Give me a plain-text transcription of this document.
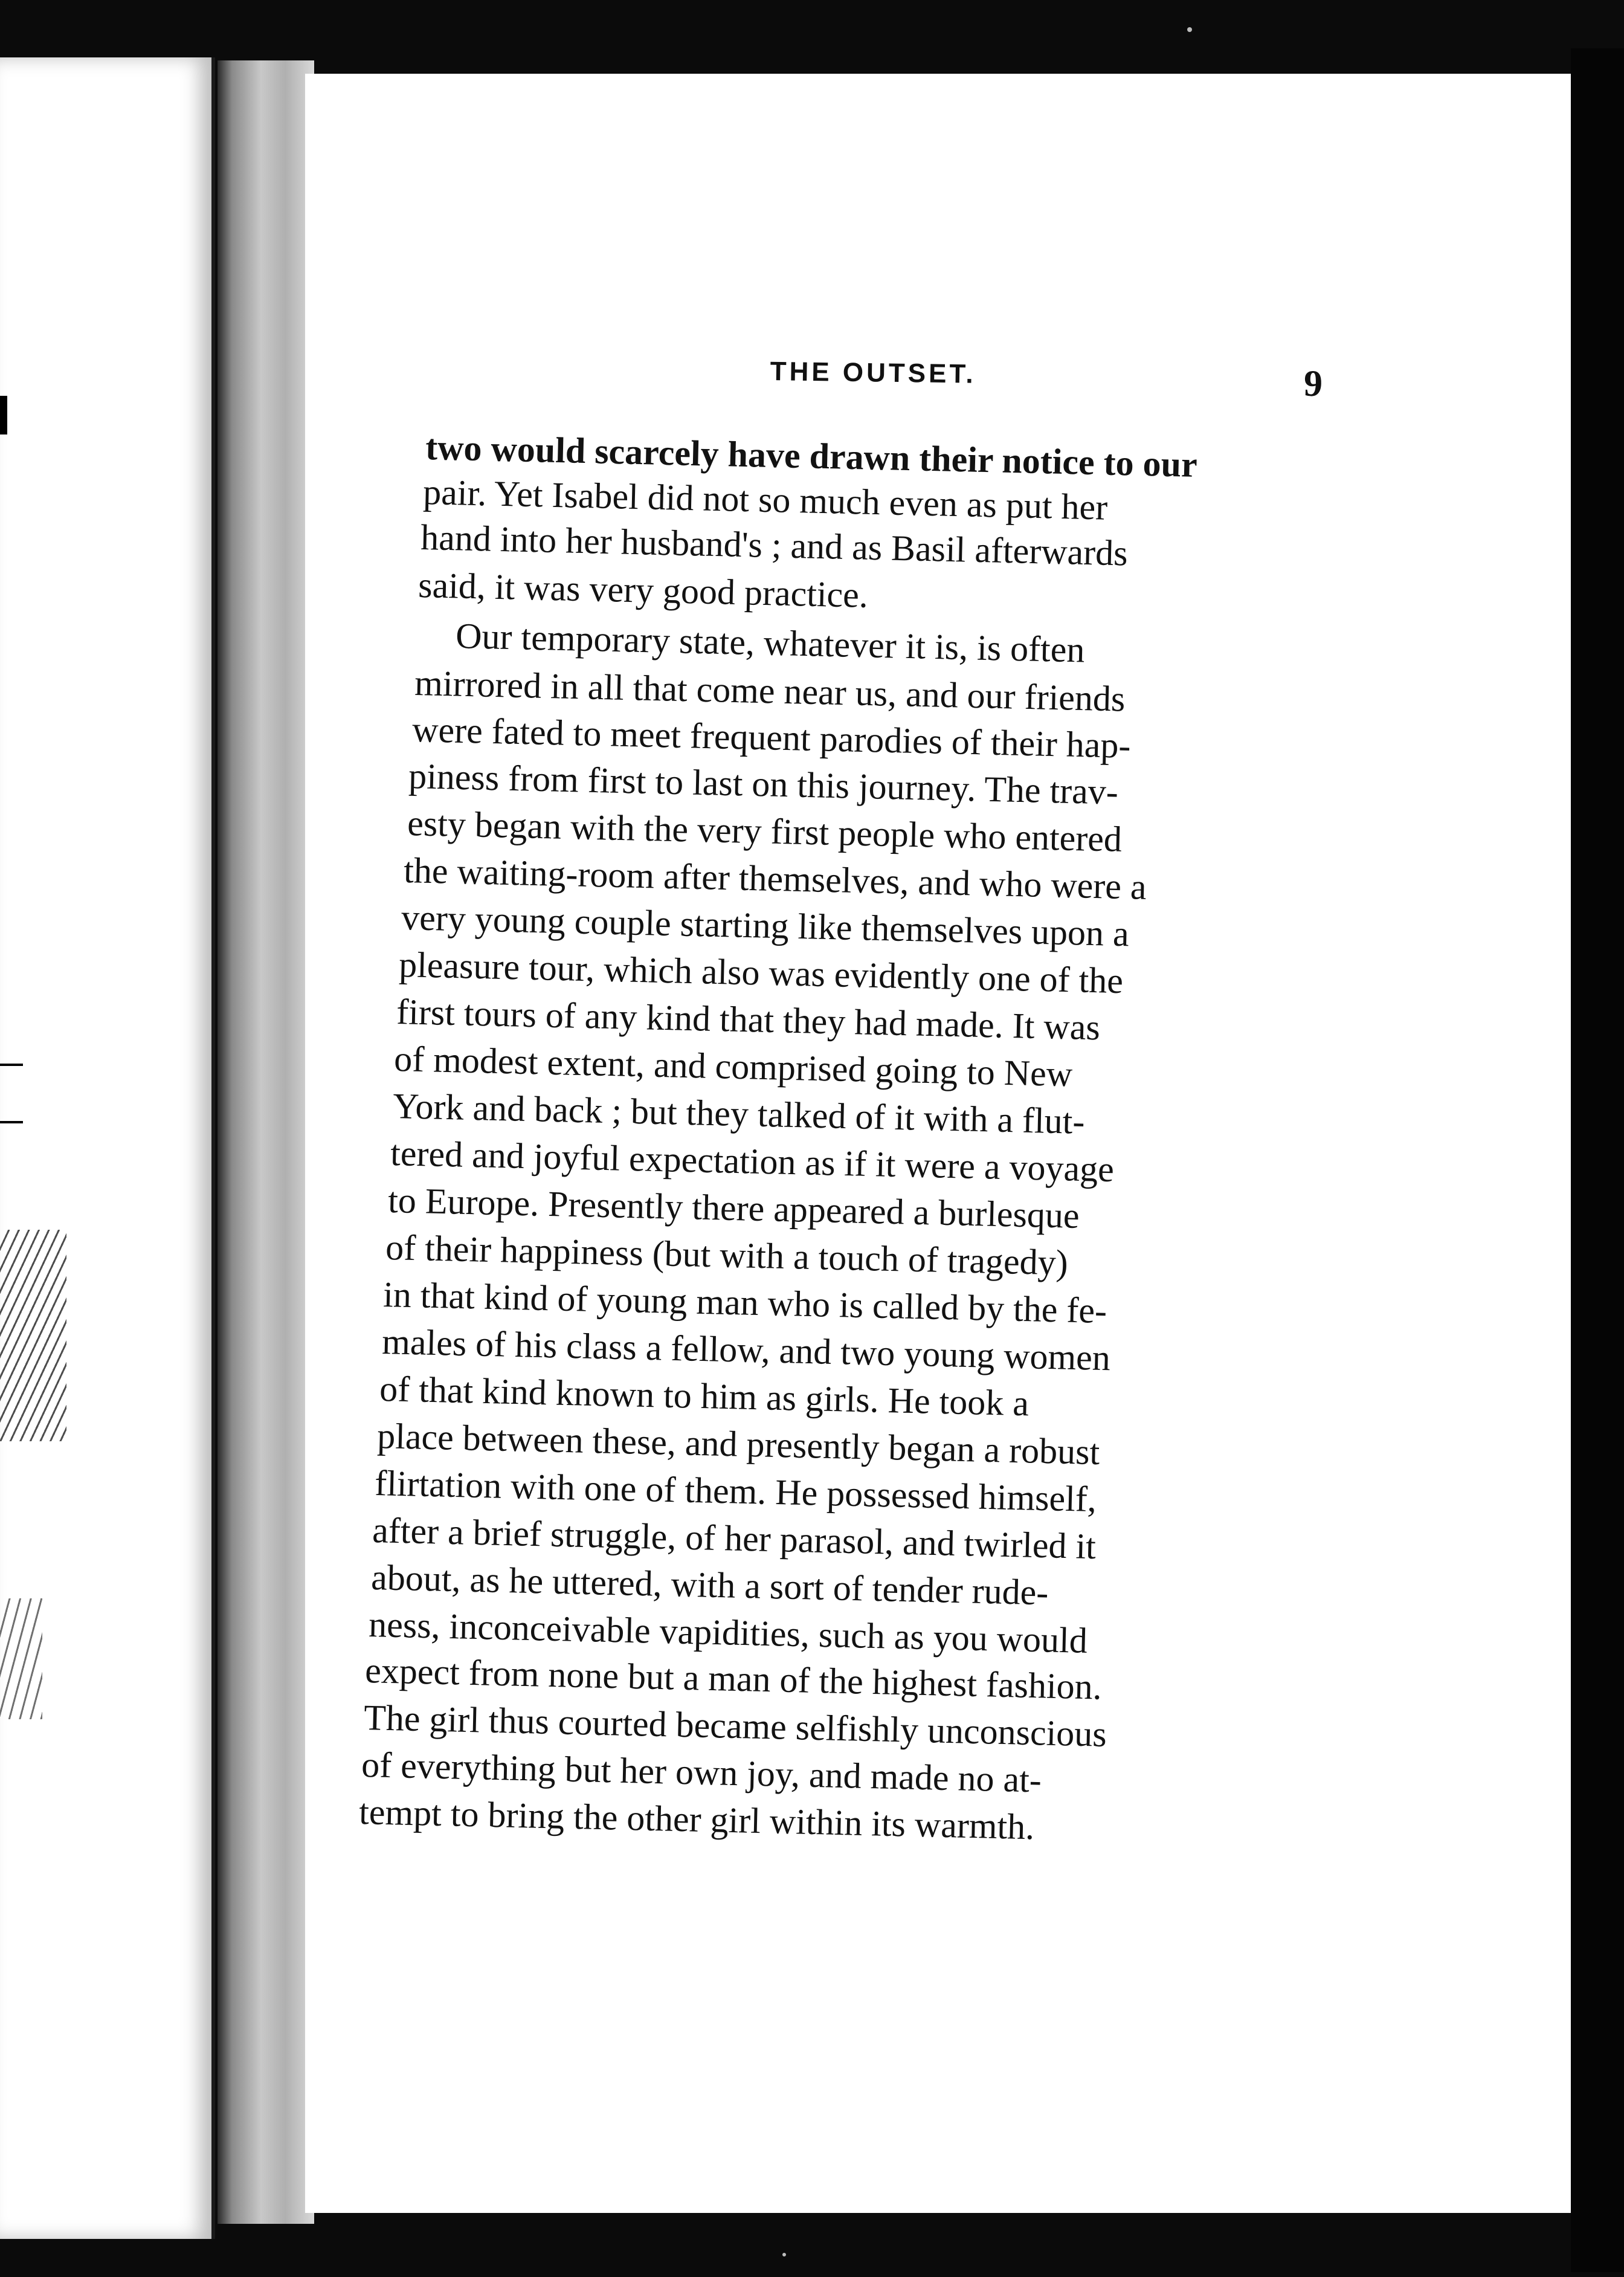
THE OUTSET.	9
two would scarcely have drawn their notice to our
pair. Yet Isabel did not so much even as put her
hand into her husband's ; and as Basil afterwards
said, it was very good practice.
Our temporary state, whatever it is, is often
mirrored in all that come near us, and our friends
were fated to meet frequent parodies of their hap-
piness from first to last on this journey. The trav-
esty began with the very first people who entered
the waiting-room after themselves, and who were a
very young couple starting like themselves upon a
pleasure tour, which also was evidently one of the
first tours of any kind that they had made. It was
of modest extent, and comprised going to New
York and back ; but they talked of it with a flut-
tered and joyful expectation as if it were a voyage
to Europe. Presently there appeared a burlesque
of their happiness (but with a touch of tragedy)
in that kind of young man who is called by the fe-
males of his class a fellow, and two young women
of that kind known to him as girls. He took a
place between these, and presently began a robust
flirtation with one of them. He possessed himself,
after a brief struggle, of her parasol, and twirled it
about, as he uttered, with a sort of tender rude-
ness, inconceivable vapidities, such as you would
expect from none but a man of the highest fashion.
The girl thus courted became selfishly unconscious
of everything but her own joy, and made no at-
tempt to bring the other girl within its warmth.
